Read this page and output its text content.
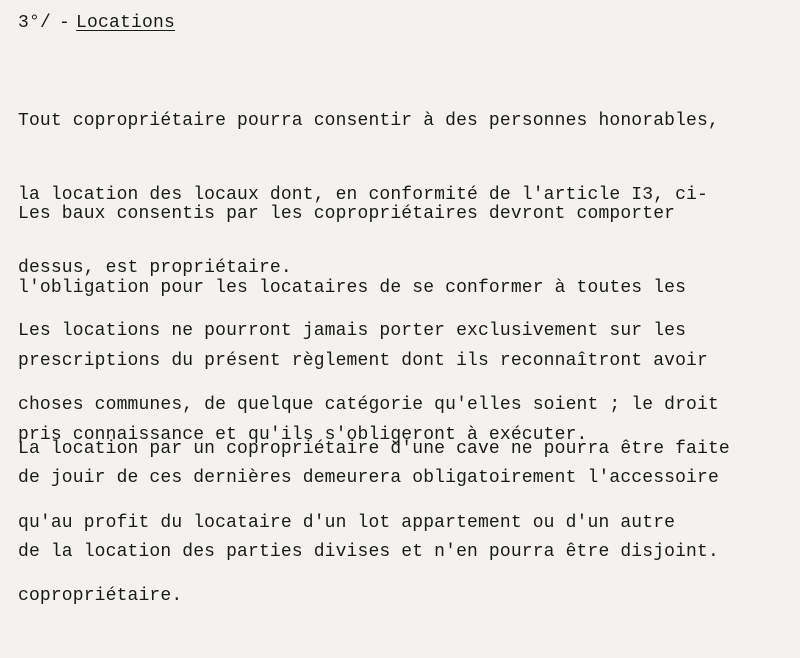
3°/ - Locations

Tout copropriétaire pourra consentir à des personnes honorables,

la location des locaux dont, en conformité de l'article I3, ci-

dessus, est propriétaire.

Les baux consentis par les copropriétaires devront comporter

l'obligation pour les locataires de se conformer à toutes les

prescriptions du présent règlement dont ils reconnaîtront avoir

pris connaissance et qu'ils s'obligeront à exécuter.

Les locations ne pourront jamais porter exclusivement sur les

choses communes, de quelque catégorie qu'elles soient ; le droit

de jouir de ces dernières demeurera obligatoirement l'accessoire

de la location des parties divises et n'en pourra être disjoint.

La location par un copropriétaire d'une cave ne pourra être faite

qu'au profit du locataire d'un lot appartement ou d'un autre

copropriétaire.
